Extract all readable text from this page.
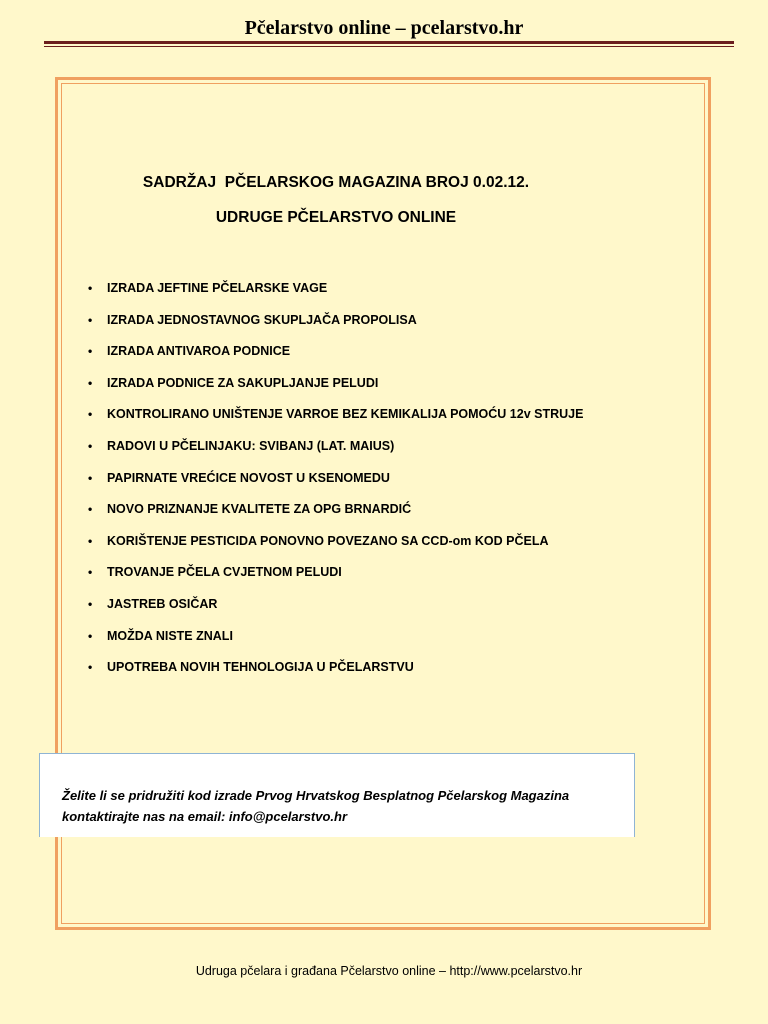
Pčelarstvo online – pcelarstvo.hr
SADRŽAJ  PČELARSKOG MAGAZINA BROJ 0.02.12.
UDRUGE PČELARSTVO ONLINE
•	IZRADA JEFTINE PČELARSKE VAGE
•	IZRADA JEDNOSTAVNOG SKUPLJAČA PROPOLISA
•	IZRADA ANTIVAROA PODNICE
•	IZRADA PODNICE ZA SAKUPLJANJE PELUDI
•	KONTROLIRANO UNIŠTENJE VARROE BEZ KEMIKALIJA POMOĆU 12v STRUJE
•	RADOVI U PČELINJAKU: SVIBANJ (LAT. MAIUS)
•	PAPIRNATE VREĆICE NOVOST U KSENOMEDU
•	NOVO PRIZNANJE KVALITETE ZA OPG BRNARDIĆ
•	KORIŠTENJE PESTICIDA PONOVNO POVEZANO SA CCD-om KOD PČELA
•	TROVANJE PČELA CVJETNOM PELUDI
•	JASTREB OSIČAR
•	MOŽDA NISTE ZNALI
•	UPOTREBA NOVIH TEHNOLOGIJA U PČELARSTVU
Želite li se pridružiti kod izrade Prvog Hrvatskog Besplatnog Pčelarskog Magazina
kontaktirajte nas na email: info@pcelarstvo.hr
Udruga pčelara i građana Pčelarstvo online – http://www.pcelarstvo.hr
